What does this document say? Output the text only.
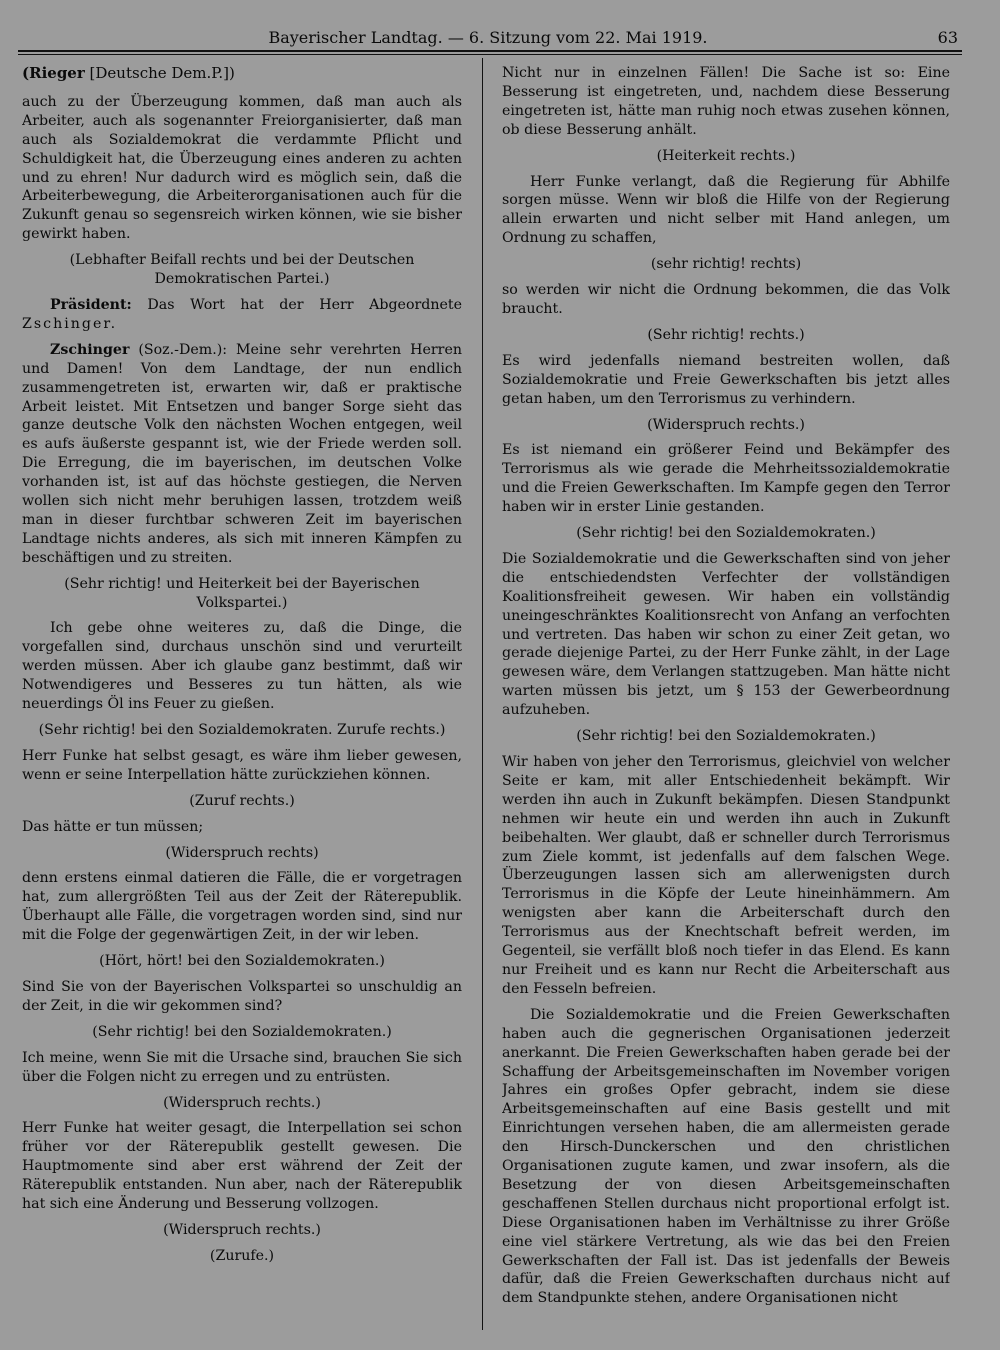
Bayerischer Landtag. — 6. Sitzung vom 22. Mai 1919.	63

(Rieger [Deutsche Dem.P.])

auch zu der Überzeugung kommen, daß man auch als Arbeiter, auch als sogenannter Freiorganisierter, daß man auch als Sozialdemokrat die verdammte Pflicht und Schuldigkeit hat, die Überzeugung eines anderen zu achten und zu ehren! Nur dadurch wird es möglich sein, daß die Arbeiterbewegung, die Arbeiterorganisationen auch für die Zukunft genau so segensreich wirken können, wie sie bisher gewirkt haben.

(Lebhafter Beifall rechts und bei der Deutschen Demokratischen Partei.)

Präsident: Das Wort hat der Herr Abgeordnete Zschinger.

Zschinger (Soz.-Dem.): Meine sehr verehrten Herren und Damen! Von dem Landtage, der nun endlich zusammengetreten ist, erwarten wir, daß er praktische Arbeit leistet. Mit Entsetzen und banger Sorge sieht das ganze deutsche Volk den nächsten Wochen entgegen, weil es aufs äußerste gespannt ist, wie der Friede werden soll. Die Erregung, die im bayerischen, im deutschen Volke vorhanden ist, ist auf das höchste gestiegen, die Nerven wollen sich nicht mehr beruhigen lassen, trotzdem weiß man in dieser furchtbar schweren Zeit im bayerischen Landtage nichts anderes, als sich mit inneren Kämpfen zu beschäftigen und zu streiten.

(Sehr richtig! und Heiterkeit bei der Bayerischen Volkspartei.)

Ich gebe ohne weiteres zu, daß die Dinge, die vorgefallen sind, durchaus unschön sind und verurteilt werden müssen. Aber ich glaube ganz bestimmt, daß wir Notwendigeres und Besseres zu tun hätten, als wie neuerdings Öl ins Feuer zu gießen.

(Sehr richtig! bei den Sozialdemokraten. Zurufe rechts.)

Herr Funke hat selbst gesagt, es wäre ihm lieber gewesen, wenn er seine Interpellation hätte zurückziehen können.

(Zuruf rechts.)

Das hätte er tun müssen;

(Widerspruch rechts)

denn erstens einmal datieren die Fälle, die er vorgetragen hat, zum allergrößten Teil aus der Zeit der Räterepublik. Überhaupt alle Fälle, die vorgetragen worden sind, sind nur mit die Folge der gegenwärtigen Zeit, in der wir leben.

(Hört, hört! bei den Sozialdemokraten.)

Sind Sie von der Bayerischen Volkspartei so unschuldig an der Zeit, in die wir gekommen sind?

(Sehr richtig! bei den Sozialdemokraten.)

Ich meine, wenn Sie mit die Ursache sind, brauchen Sie sich über die Folgen nicht zu erregen und zu entrüsten.

(Widerspruch rechts.)

Herr Funke hat weiter gesagt, die Interpellation sei schon früher vor der Räterepublik gestellt gewesen. Die Hauptmomente sind aber erst während der Zeit der Räterepublik entstanden. Nun aber, nach der Räterepublik hat sich eine Änderung und Besserung vollzogen.

(Widerspruch rechts.)

(Zurufe.)

Nicht nur in einzelnen Fällen! Die Sache ist so: Eine Besserung ist eingetreten, und, nachdem diese Besserung eingetreten ist, hätte man ruhig noch etwas zusehen können, ob diese Besserung anhält.

(Heiterkeit rechts.)

Herr Funke verlangt, daß die Regierung für Abhilfe sorgen müsse. Wenn wir bloß die Hilfe von der Regierung allein erwarten und nicht selber mit Hand anlegen, um Ordnung zu schaffen,

(sehr richtig! rechts)

so werden wir nicht die Ordnung bekommen, die das Volk braucht.

(Sehr richtig! rechts.)

Es wird jedenfalls niemand bestreiten wollen, daß Sozialdemokratie und Freie Gewerkschaften bis jetzt alles getan haben, um den Terrorismus zu verhindern.

(Widerspruch rechts.)

Es ist niemand ein größerer Feind und Bekämpfer des Terrorismus als wie gerade die Mehrheitssozialdemokratie und die Freien Gewerkschaften. Im Kampfe gegen den Terror haben wir in erster Linie gestanden.

(Sehr richtig! bei den Sozialdemokraten.)

Die Sozialdemokratie und die Gewerkschaften sind von jeher die entschiedendsten Verfechter der vollständigen Koalitionsfreiheit gewesen. Wir haben ein vollständig uneingeschränktes Koalitionsrecht von Anfang an verfochten und vertreten. Das haben wir schon zu einer Zeit getan, wo gerade diejenige Partei, zu der Herr Funke zählt, in der Lage gewesen wäre, dem Verlangen stattzugeben. Man hätte nicht warten müssen bis jetzt, um § 153 der Gewerbeordnung aufzuheben.

(Sehr richtig! bei den Sozialdemokraten.)

Wir haben von jeher den Terrorismus, gleichviel von welcher Seite er kam, mit aller Entschiedenheit bekämpft. Wir werden ihn auch in Zukunft bekämpfen. Diesen Standpunkt nehmen wir heute ein und werden ihn auch in Zukunft beibehalten. Wer glaubt, daß er schneller durch Terrorismus zum Ziele kommt, ist jedenfalls auf dem falschen Wege. Überzeugungen lassen sich am allerwenigsten durch Terrorismus in die Köpfe der Leute hineinhämmern. Am wenigsten aber kann die Arbeiterschaft durch den Terrorismus aus der Knechtschaft befreit werden, im Gegenteil, sie verfällt bloß noch tiefer in das Elend. Es kann nur Freiheit und es kann nur Recht die Arbeiterschaft aus den Fesseln befreien.

Die Sozialdemokratie und die Freien Gewerkschaften haben auch die gegnerischen Organisationen jederzeit anerkannt. Die Freien Gewerkschaften haben gerade bei der Schaffung der Arbeitsgemeinschaften im November vorigen Jahres ein großes Opfer gebracht, indem sie diese Arbeitsgemeinschaften auf eine Basis gestellt und mit Einrichtungen versehen haben, die am allermeisten gerade den Hirsch-Dunckerschen und den christlichen Organisationen zugute kamen, und zwar insofern, als die Besetzung der von diesen Arbeitsgemeinschaften geschaffenen Stellen durchaus nicht proportional erfolgt ist. Diese Organisationen haben im Verhältnisse zu ihrer Größe eine viel stärkere Vertretung, als wie das bei den Freien Gewerkschaften der Fall ist. Das ist jedenfalls der Beweis dafür, daß die Freien Gewerkschaften durchaus nicht auf dem Standpunkte stehen, andere Organisationen nicht
